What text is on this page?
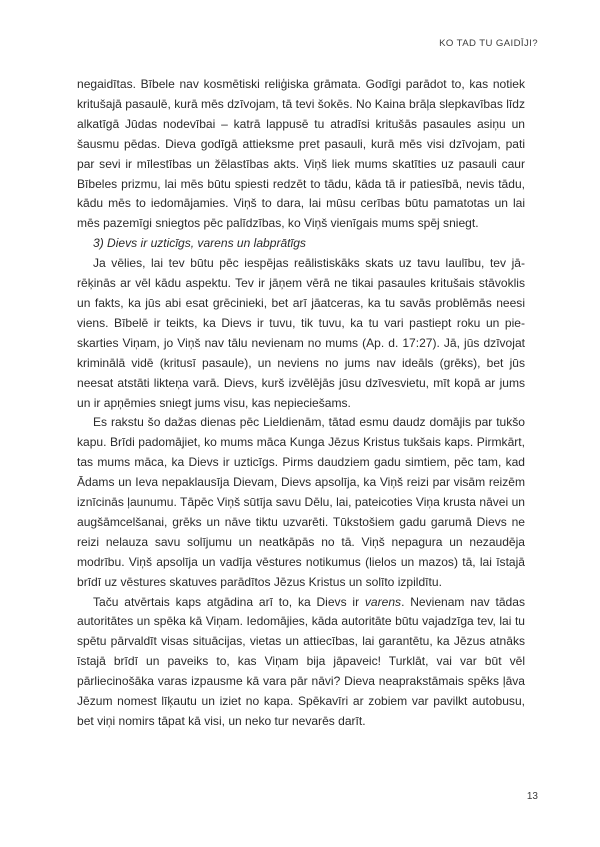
KO TAD TU GAIDĪJI?

negaidītas. Bībele nav kosmētiski reliģiska grāmata. Godīgi parādot to, kas notiek kritušajā pasaulē, kurā mēs dzīvojam, tā tevi šokēs. No Kaina brāļa slepkavības līdz alkatīgā Jūdas nodevībai – katrā lappusē tu atradīsi kritušās pasaules asiņu un šausmu pēdas. Dieva godīgā attieksme pret pasauli, kurā mēs visi dzīvojam, pati par sevi ir mīlestības un žēlastības akts. Viņš liek mums skatīties uz pasauli caur Bībeles prizmu, lai mēs būtu spiesti redzēt to tādu, kāda tā ir patiesībā, nevis tādu, kādu mēs to iedomājamies. Viņš to dara, lai mūsu cerības būtu pamatotas un lai mēs pazemīgi sniegtos pēc palīdzības, ko Viņš vienīgais mums spēj sniegt.

3) Dievs ir uzticīgs, varens un labprātīgs

Ja vēlies, lai tev būtu pēc iespējas reālistiskāks skats uz tavu laulību, tev jārēķinās ar vēl kādu aspektu. Tev ir jāņem vērā ne tikai pasaules kritušais stāvoklis un fakts, ka jūs abi esat grēcinieki, bet arī jāatceras, ka tu savās problēmās neesi viens. Bībelē ir teikts, ka Dievs ir tuvu, tik tuvu, ka tu vari pastiept roku un pieskarties Viņam, jo Viņš nav tālu nevienam no mums (Ap. d. 17:27). Jā, jūs dzīvojat kriminālā vidē (kritusī pasaule), un neviens no jums nav ideāls (grēks), bet jūs neesat atstāti likteņa varā. Dievs, kurš izvēlējās jūsu dzīvesvietu, mīt kopā ar jums un ir apņēmies sniegt jums visu, kas nepieciešams.

Es rakstu šo dažas dienas pēc Lieldienām, tātad esmu daudz domājis par tukšo kapu. Brīdi padomājiet, ko mums māca Kunga Jēzus Kristus tukšais kaps. Pirmkārt, tas mums māca, ka Dievs ir uzticīgs. Pirms daudziem gadu simtiem, pēc tam, kad Ādams un Ieva nepaklausīja Dievam, Dievs apsolīja, ka Viņš reizi par visām reizēm iznīcinās ļaunumu. Tāpēc Viņš sūtīja savu Dēlu, lai, pateicoties Viņa krusta nāvei un augšāmcelšanai, grēks un nāve tiktu uzvarēti. Tūkstošiem gadu garumā Dievs ne reizi nelauza savu solījumu un neatkāpās no tā. Viņš nepagura un nezaudēja modrību. Viņš apsolīja un vadīja vēstures notikumus (lielos un mazos) tā, lai īstajā brīdī uz vēstures skatuves parādītos Jēzus Kristus un solīto izpildītu.

Taču atvērtais kaps atgādina arī to, ka Dievs ir varens. Nevienam nav tādas autoritātes un spēka kā Viņam. Iedomājies, kāda autoritāte būtu vajadzīga tev, lai tu spētu pārvaldīt visas situācijas, vietas un attiecības, lai garantētu, ka Jēzus atnāks īstajā brīdī un paveiks to, kas Viņam bija jāpaveic! Turklāt, vai var būt vēl pārliecinošāka varas izpausme kā vara pār nāvi? Dieva neaprakstāmais spēks ļāva Jēzum nomest līķautu un iziet no kapa. Spēkavīri ar zobiem var pavilkt autobusu, bet viņi nomirs tāpat kā visi, un neko tur nevarēs darīt.

13
